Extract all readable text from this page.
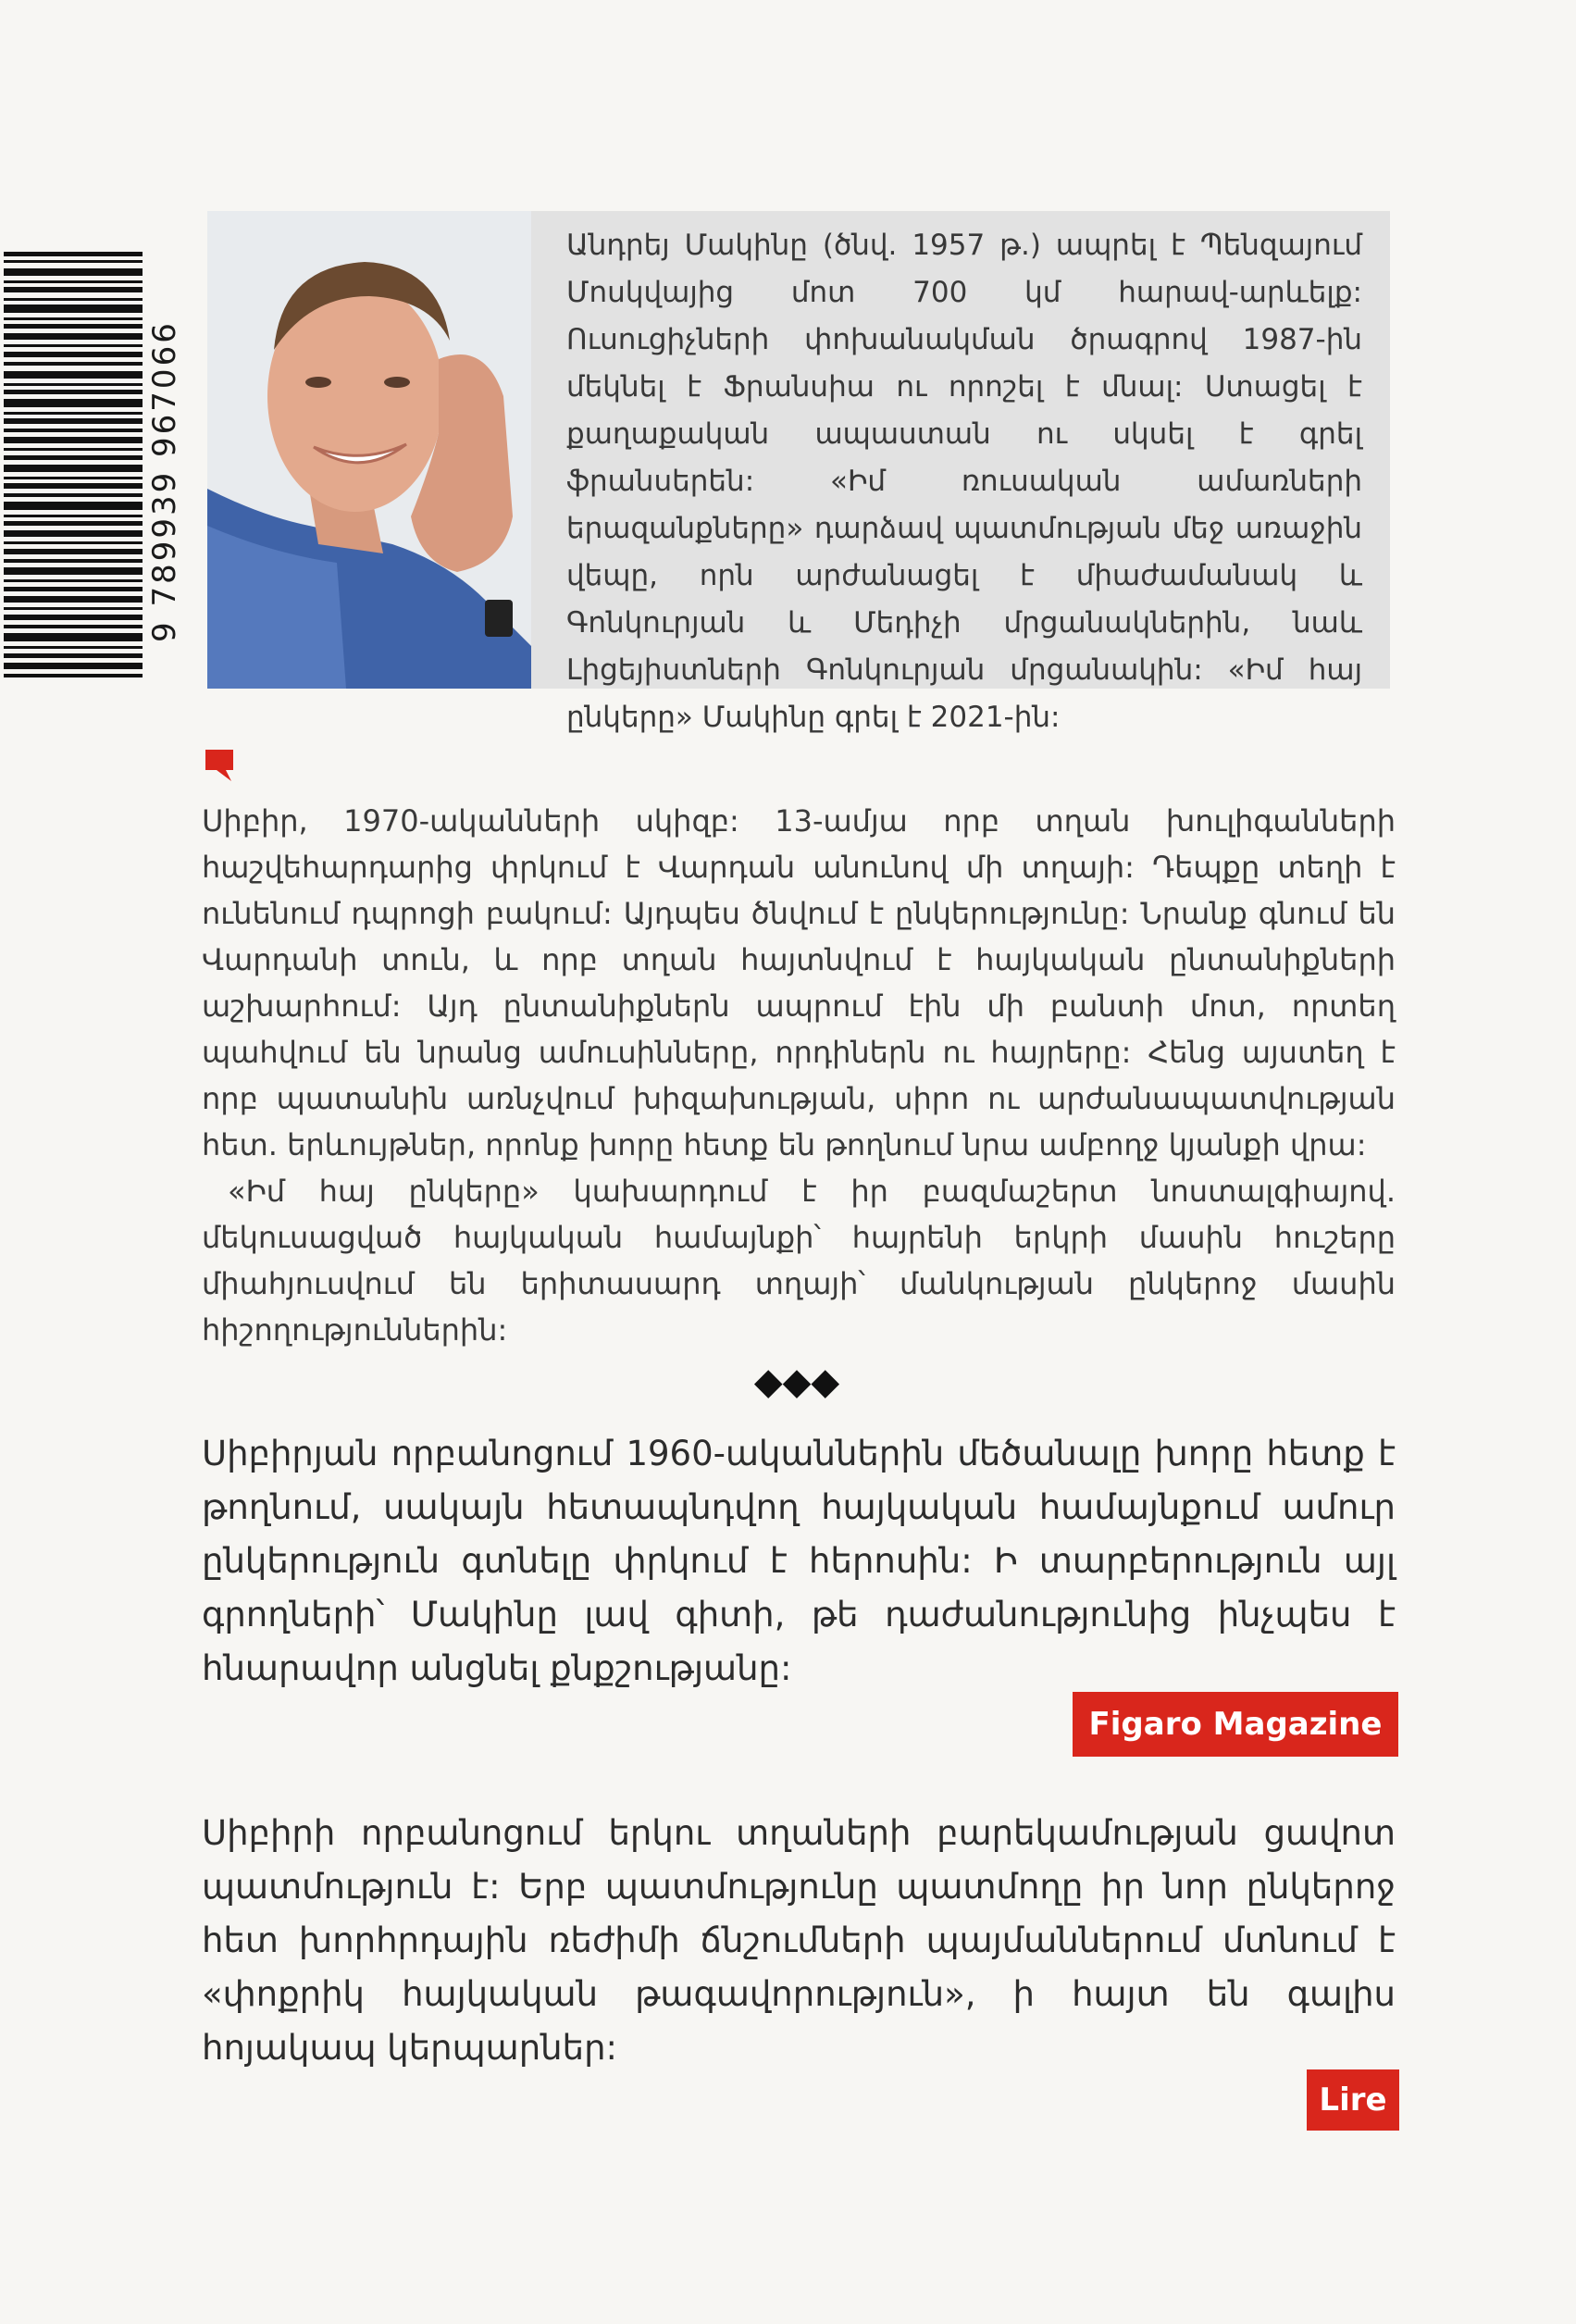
9 789939 967066
Անդրեյ Մակինը (ծնվ. 1957 թ.) ապրել է Պենզայում Մոսկվայից մոտ 700 կմ հարավ-արևելք: Ուսուցիչների փոխանակման ծրագրով 1987-ին մեկնել է Ֆրանսիա ու որոշել է մնալ: Ստացել է քաղաքական ապաստան ու սկսել է գրել ֆրանսերեն: «Իմ ռուսական ամառների երազանքները» դարձավ պատմության մեջ առաջին վեպը, որն արժանացել է միաժամանակ և Գոնկուրյան և Մեդիչի մրցանակներին, նաև Լիցեյիստների Գոնկուրյան մրցանակին: «Իմ հայ ընկերը» Մակինը գրել է 2021-ին:

Սիբիր, 1970-ականների սկիզբ: 13-ամյա որբ տղան խուլիգանների հաշվեհարդարից փրկում է Վարդան անունով մի տղայի: Դեպքը տեղի է ունենում դպրոցի բակում: Այդպես ծնվում է ընկերությունը: Նրանք գնում են Վարդանի տուն, և որբ տղան հայտնվում է հայկական ընտանիքների աշխարհում: Այդ ընտանիքներն ապրում էին մի բանտի մոտ, որտեղ պահվում են նրանց ամուսինները, որդիներն ու հայրերը: Հենց այստեղ է որբ պատանին առնչվում խիզախության, սիրո ու արժանապատվության հետ. երևույթներ, որոնք խորը հետք են թողնում նրա ամբողջ կյանքի վրա:

«Իմ հայ ընկերը» կախարդում է իր բազմաշերտ նոստալգիայով. մեկուսացված հայկական համայնքի՝ հայրենի երկրի մասին հուշերը միահյուսվում են երիտասարդ տղայի՝ մանկության ընկերոջ մասին հիշողություններին:

◆◆◆
Սիբիրյան որբանոցում 1960-ականներին մեծանալը խորը հետք է թողնում, սակայն հետապնդվող հայկական համայնքում ամուր ընկերություն գտնելը փրկում է հերոսին: Ի տարբերություն այլ գրողների՝ Մակինը լավ գիտի, թե դաժանությունից ինչպես է հնարավոր անցնել քնքշությանը:
Figaro Magazine
Սիբիրի որբանոցում երկու տղաների բարեկամության ցավոտ պատմություն է: Երբ պատմությունը պատմողը իր նոր ընկերոջ հետ խորհրդային ռեժիմի ճնշումների պայմաններում մտնում է «փոքրիկ հայկական թագավորություն», ի հայտ են գալիս հոյակապ կերպարներ:
Lire
